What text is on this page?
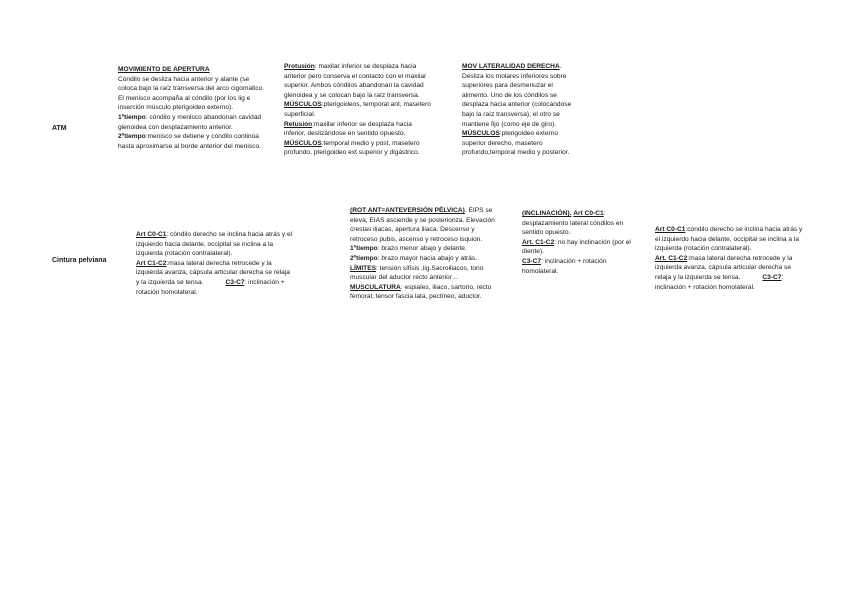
ATM

MOVIMIENTO DE APERTURA

Cóndilo se desliza hacia anterior y alante (se coloca bajo la raíz transversa del arco cigomatico. El menisco acompaña al cóndilo (por los lig e inserción músculo pterigoideo externo).

1ºtiempo: cóndilo y menisco abandonan cavidad glenoidea con desplazamiento anterior.

2ºtiempo:menisco se detiene y cóndilo continúa hasta aproximarse al borde anterior del menisco.

Protusión: maxilar inferior se desplaza hacia anterior pero conserva el contacto con el maxilar superior. Ambos cóndilos abandonan la cavidad glenoidea y se colocan bajo la raíz transversa.

MÚSCULOS:pterigoideos, temporal ant, masetero superficial.

Retusión:maxilar inferior se desplaza hacia inferior, deslizándose en sentido opuesto.

MÚSCULOS:temporal medio y post, masetero profundo, pterigoideo ext superior y digástrico.

MOV LATERALIDAD DERECHA.

Desliza los molares inferiores sobre superiores para desmenuzar el alimento. Uno de los cóndilos se desplaza hacia anterior (colocándose bajo la raíz transversa), el otro se mantiene fijo (como eje de giro).

MÚSCULOS:pterigoideo externo superior derecho, masetero profundo,temporal medio y posterior.

Cintura pelviana

Art C0-C1: cóndilo derecho se inclina hacia atrás y el izquierdo hacia delante, occipital se inclina a la izquierda (rotación contralateral).

Art C1-C2:masa lateral derecha retrocede y la izquierda avanza, cápsula articular derecha se relaja y la izquierda se tensa.	C3-C7: inclinación + rotación homolateral.

(ROT ANT=ANTEVERSIÓN PÉLVICA). EIPS se eleva, EIAS asciende y se posterioriza. Elevación crestas iliacas, apertura iliaca. Descenso y retroceso pubis, ascenso y retroceso isquion.

1ºtiempo: brazo menor abajo y delante.

2ºtiempo: brazo mayor hacia abajo y atrás.

LÍMITES: tensión sífisis ,lig.Sacroiliacos, tono muscular del aductor recto anterior…

MUSCULATURA: espiales, iliaco, sartorio, recto femoral, tensor fascia lata, pectíneo, aductor.

(INCLINACIÓN). Art C0-C1: desplazamiento lateral cóndilos en sentido opuesto.

Art. C1-C2: no hay inclinación (por el diente).

C3-C7: inclinación + rotación homolateral.

Art C0-C1:cóndilo derecho se inclina hacia atrás y el izquierdo hacia delante, occipital se inclina a la izquierda (rotación contralateral).

Art. C1-C2:masa lateral derecha retrocede y la izquierda avanza, cápsula articular derecha se relaja y la izquierda se tensa.	C3-C7: inclinación + rotación homolateral.
